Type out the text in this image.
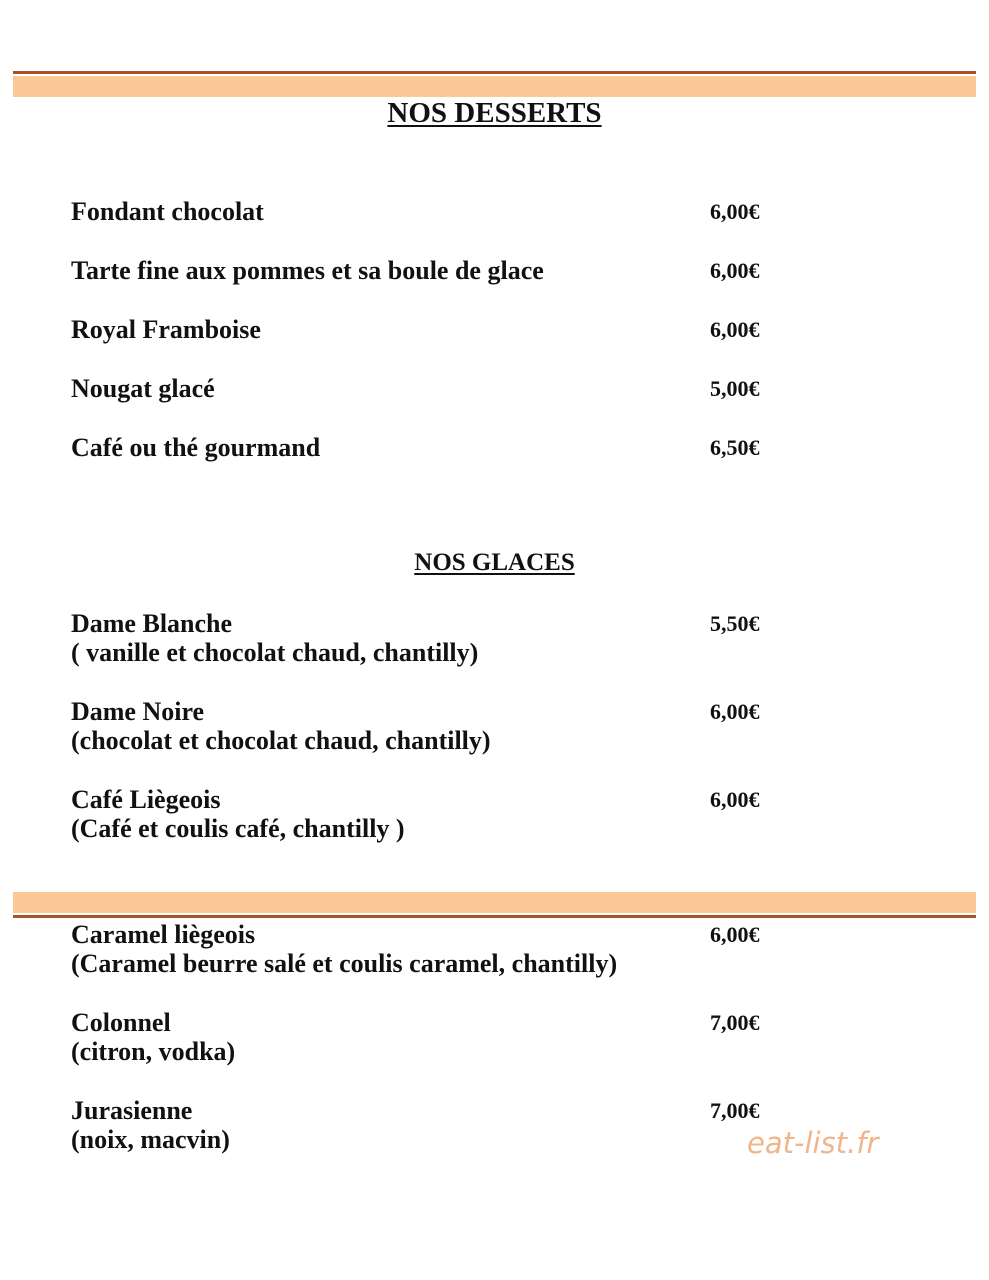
NOS DESSERTS
Fondant chocolat	6,00€
Tarte fine aux pommes et sa boule de glace	6,00€
Royal Framboise	6,00€
Nougat glacé	5,00€
Café ou thé gourmand	6,50€
NOS GLACES
Dame Blanche
( vanille et chocolat chaud, chantilly)
5,50€
Dame Noire
(chocolat et chocolat chaud, chantilly)
6,00€
Café Liègeois
(Café et coulis café, chantilly )
6,00€
Caramel liègeois
(Caramel beurre salé et coulis caramel, chantilly)
6,00€
Colonnel
(citron, vodka)
7,00€
Jurasienne
(noix, macvin)
7,00€
eat-list.fr
